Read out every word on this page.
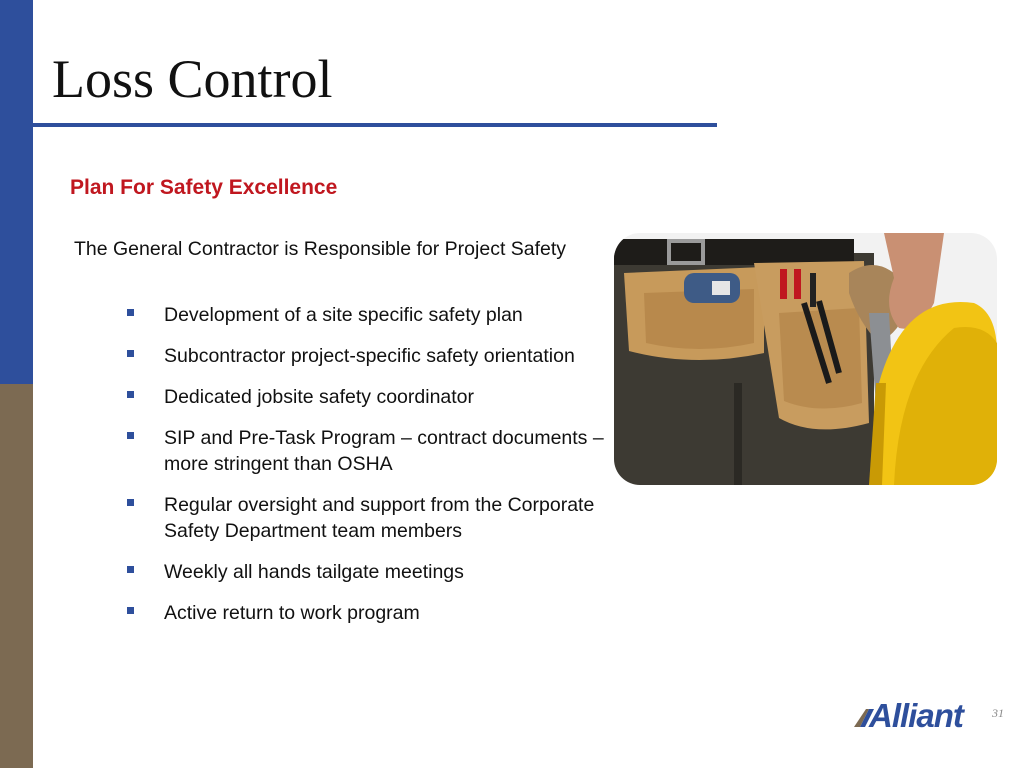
Loss Control
Plan For Safety Excellence
The General Contractor is Responsible for Project Safety
Development of a site specific safety plan
Subcontractor project-specific safety orientation
Dedicated jobsite safety coordinator
SIP and Pre-Task Program – contract documents – more stringent than OSHA
Regular oversight and support from the Corporate Safety Department team members
Weekly all hands tailgate meetings
Active return to work program
Alliant 31
